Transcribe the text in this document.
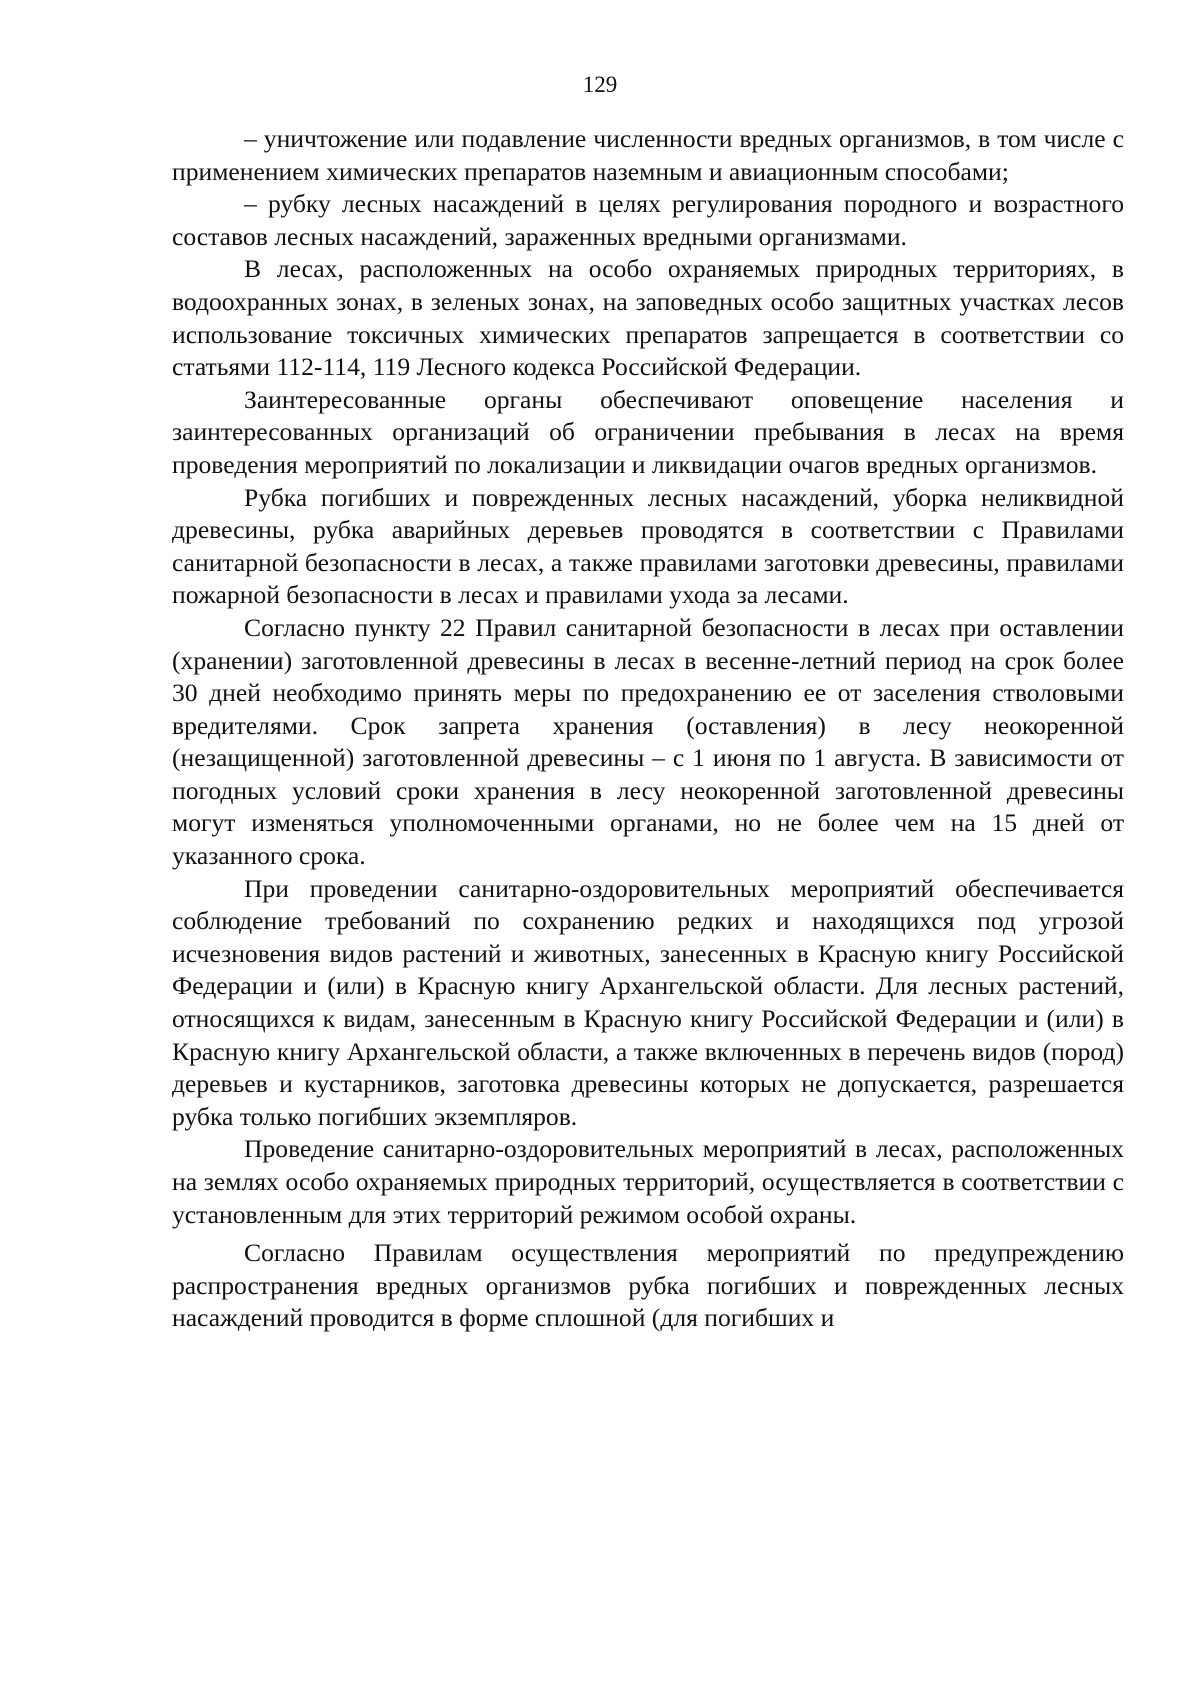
129

– уничтожение или подавление численности вредных организмов, в том числе с применением химических препаратов наземным и авиационным способами;

– рубку лесных насаждений в целях регулирования породного и возрастного составов лесных насаждений, зараженных вредными организмами.

В лесах, расположенных на особо охраняемых природных территориях, в водоохранных зонах, в зеленых зонах, на заповедных особо защитных участках лесов использование токсичных химических препаратов запрещается в соответствии со статьями 112-114, 119 Лесного кодекса Российской Федерации.

Заинтересованные органы обеспечивают оповещение населения и заинтересованных организаций об ограничении пребывания в лесах на время проведения мероприятий по локализации и ликвидации очагов вредных организмов.

Рубка погибших и поврежденных лесных насаждений, уборка неликвидной древесины, рубка аварийных деревьев проводятся в соответствии с Правилами санитарной безопасности в лесах, а также правилами заготовки древесины, правилами пожарной безопасности в лесах и правилами ухода за лесами.

Согласно пункту 22 Правил санитарной безопасности в лесах при оставлении (хранении) заготовленной древесины в лесах в весенне-летний период на срок более 30 дней необходимо принять меры по предохранению ее от заселения стволовыми вредителями. Срок запрета хранения (оставления) в лесу неокоренной (незащищенной) заготовленной древесины – с 1 июня по 1 августа. В зависимости от погодных условий сроки хранения в лесу неокоренной заготовленной древесины могут изменяться уполномоченными органами, но не более чем на 15 дней от указанного срока.

При проведении санитарно-оздоровительных мероприятий обеспечивается соблюдение требований по сохранению редких и находящихся под угрозой исчезновения видов растений и животных, занесенных в Красную книгу Российской Федерации и (или) в Красную книгу Архангельской области. Для лесных растений, относящихся к видам, занесенным в Красную книгу Российской Федерации и (или) в Красную книгу Архангельской области, а также включенных в перечень видов (пород) деревьев и кустарников, заготовка древесины которых не допускается, разрешается рубка только погибших экземпляров.

Проведение санитарно-оздоровительных мероприятий в лесах, расположенных на землях особо охраняемых природных территорий, осуществляется в соответствии с установленным для этих территорий режимом особой охраны.

Согласно Правилам осуществления мероприятий по предупреждению распространения вредных организмов рубка погибших и поврежденных лесных насаждений проводится в форме сплошной (для погибших и
